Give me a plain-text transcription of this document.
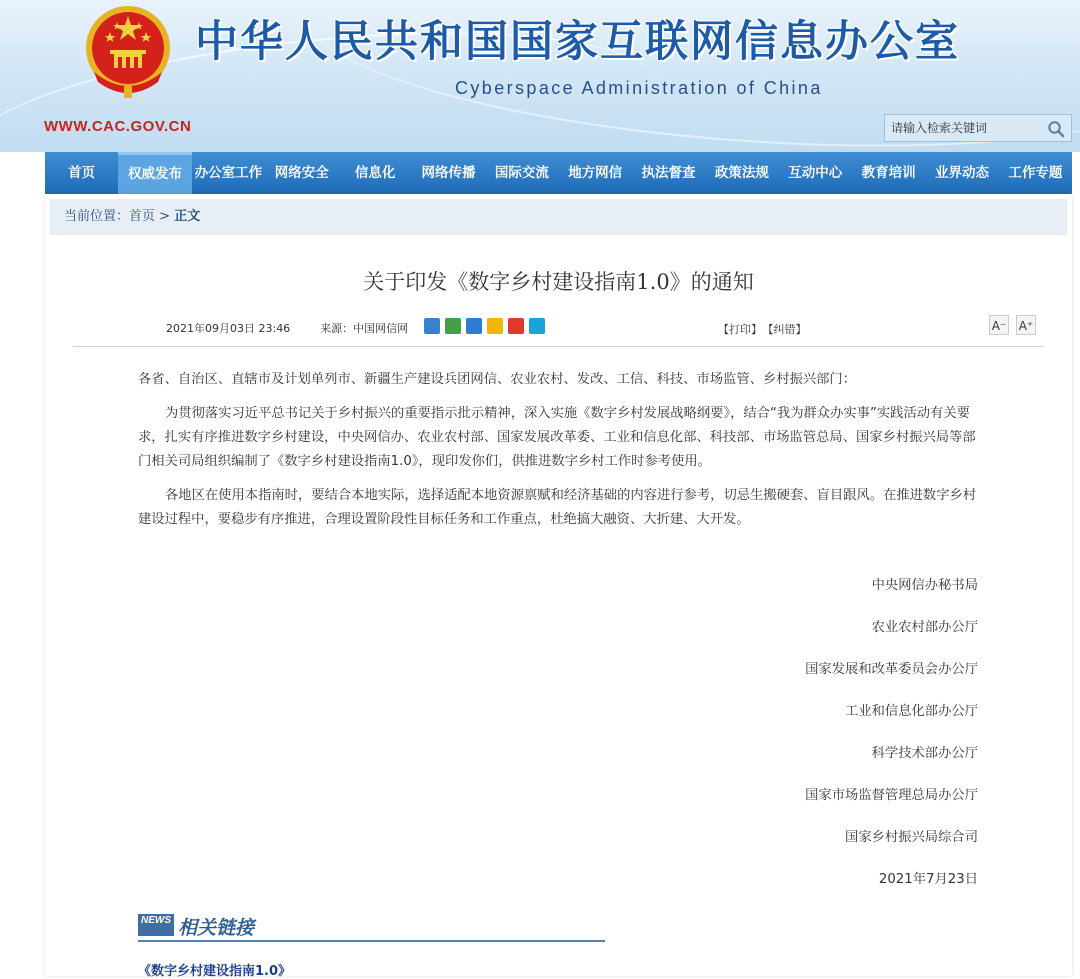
中华人民共和国国家互联网信息办公室
Cyberspace Administration of China
WWW.CAC.GOV.CN
请输入检索关键词
首页	权威发布 办公室工作 网络安全	信息化	网络传播	国际交流	地方网信	执法督查	政策法规	互动中心	教育培训	业界动态	工作专题
当前位置：首页 > 正文
关于印发《数字乡村建设指南1.0》的通知
2021年09月03日 23:46	来源：中国网信网	【打印】 【纠错】	A⁻ A⁺

各省、自治区、直辖市及计划单列市、新疆生产建设兵团网信、农业农村、发改、工信、科技、市场监管、乡村振兴部门：

为贯彻落实习近平总书记关于乡村振兴的重要指示批示精神，深入实施《数字乡村发展战略纲要》，结合“我为群众办实事”实践活动有关要求，扎实有序推进数字乡村建设，中央网信办、农业农村部、国家发展改革委、工业和信息化部、科技部、市场监管总局、国家乡村振兴局等部门相关司局组织编制了《数字乡村建设指南1.0》，现印发你们，供推进数字乡村工作时参考使用。

各地区在使用本指南时，要结合本地实际，选择适配本地资源禀赋和经济基础的内容进行参考，切忌生搬硬套、盲目跟风。在推进数字乡村建设过程中，要稳步有序推进，合理设置阶段性目标任务和工作重点，杜绝搞大融资、大折建、大开发。

中央网信办秘书局
农业农村部办公厅
国家发展和改革委员会办公厅
工业和信息化部办公厅
科学技术部办公厅
国家市场监督管理总局办公厅
国家乡村振兴局综合司
2021年7月23日
NEWS 相关链接
《数字乡村建设指南1.0》
